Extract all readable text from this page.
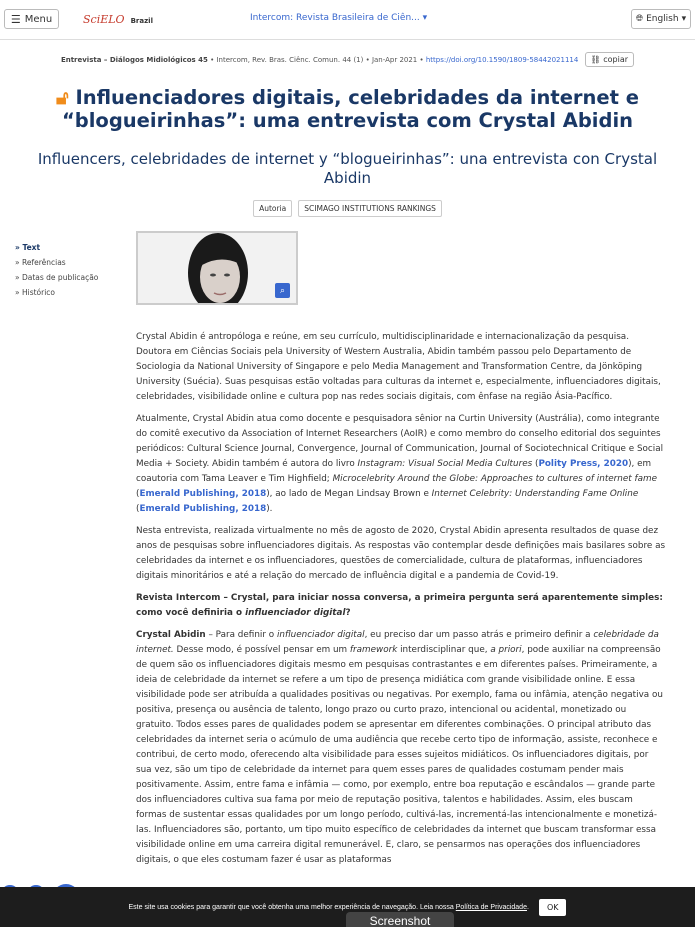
☰ Menu	SciELO Brazil	Intercom: Revista Brasileira de Ciên... ▾	🌐︎ English ▾
Entrevista – Diálogos Midiológicos 45 • Intercom, Rev. Bras. Ciênc. Comun. 44 (1) • Jan-Apr 2021 • https://doi.org/10.1590/1809-58442021114 ⛓︎ copiar
🔓︎ Influenciadores digitais, celebridades da internet e “blogueirinhas”: uma entrevista com Crystal Abidin
Influencers, celebridades de internet y “blogueirinhas”: una entrevista con Crystal Abidin
Autoria	SCIMAGO INSTITUTIONS RANKINGS
» Text
» Referências
» Datas de publicação
» Histórico	⌕

Crystal Abidin é antropóloga e reúne, em seu currículo, multidisciplinaridade e internacionalização da pesquisa. Doutora em Ciências Sociais pela University of Western Australia, Abidin também passou pelo Departamento de Sociologia da National University of Singapore e pelo Media Management and Transformation Centre, da Jönköping University (Suécia). Suas pesquisas estão voltadas para culturas da internet e, especialmente, influenciadores digitais, celebridades, visibilidade online e cultura pop nas redes sociais digitais, com ênfase na região Ásia-Pacífico.

Atualmente, Crystal Abidin atua como docente e pesquisadora sênior na Curtin University (Austrália), como integrante do comitê executivo da Association of Internet Researchers (AoIR) e como membro do conselho editorial dos seguintes periódicos: Cultural Science Journal, Convergence, Journal of Communication, Journal of Sociotechnical Critique e Social Media + Society. Abidin também é autora do livro Instagram: Visual Social Media Cultures (Polity Press, 2020), em coautoria com Tama Leaver e Tim Highfield; Microcelebrity Around the Globe: Approaches to cultures of internet fame (Emerald Publishing, 2018), ao lado de Megan Lindsay Brown e Internet Celebrity: Understanding Fame Online (Emerald Publishing, 2018).

Nesta entrevista, realizada virtualmente no mês de agosto de 2020, Crystal Abidin apresenta resultados de quase dez anos de pesquisas sobre influenciadores digitais. As respostas vão contemplar desde definições mais basilares sobre as celebridades da internet e os influenciadores, questões de comercialidade, cultura de plataformas, influenciadores digitais minoritários e até a relação do mercado de influência digital e a pandemia de Covid-19.

Revista Intercom – Crystal, para iniciar nossa conversa, a primeira pergunta será aparentemente simples: como você definiria o influenciador digital?

Crystal Abidin – Para definir o influenciador digital, eu preciso dar um passo atrás e primeiro definir a celebridade da internet. Desse modo, é possível pensar em um framework interdisciplinar que, a priori, pode auxiliar na compreensão de quem são os influenciadores digitais mesmo em pesquisas contrastantes e em diferentes países. Primeiramente, a ideia de celebridade da internet se refere a um tipo de presença midiática com grande visibilidade online. E essa visibilidade pode ser atribuída a qualidades positivas ou negativas. Por exemplo, fama ou infâmia, atenção negativa ou positiva, presença ou ausência de talento, longo prazo ou curto prazo, intencional ou acidental, monetizado ou gratuito. Todos esses pares de qualidades podem se apresentar em diferentes combinações. O principal atributo das celebridades da internet seria o acúmulo de uma audiência que recebe certo tipo de informação, assiste, reconhece e contribui, de certo modo, oferecendo alta visibilidade para esses sujeitos midiáticos. Os influenciadores digitais, por sua vez, são um tipo de celebridade da internet para quem esses pares de qualidades costumam pender mais positivamente. Assim, entre fama e infâmia — como, por exemplo, entre boa reputação e escândalos — grande parte dos influenciadores cultiva sua fama por meio de reputação positiva, talentos e habilidades. Assim, eles buscam formas de sustentar essas qualidades por um longo período, cultivá-las, incrementá-las intencionalmente e monetizá-las. Influenciadores são, portanto, um tipo muito específico de celebridades da internet que buscam transformar essa visibilidade online em uma carreira digital remunerável. E, claro, se pensarmos nas operações dos influenciadores digitais, o que eles costumam fazer é usar as plataformas

Este site usa cookies para garantir que você obtenha uma melhor experiência de navegação. Leia nossa Política de Privacidade.	OK
Screenshot
